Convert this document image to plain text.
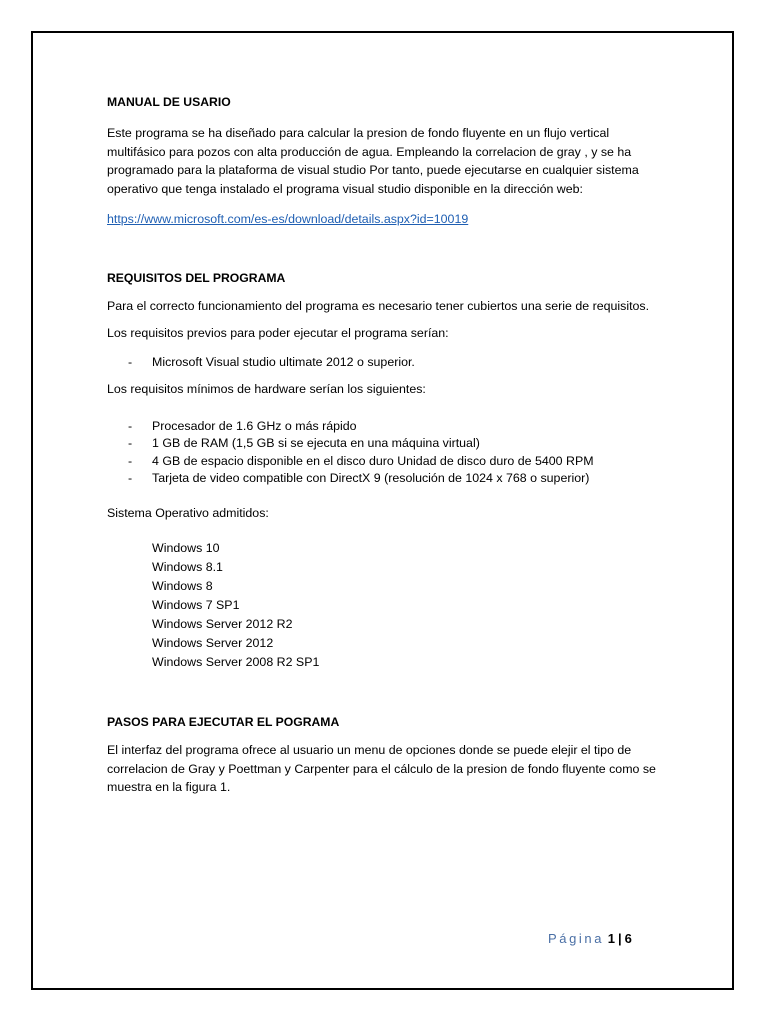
MANUAL DE USARIO

Este programa se ha diseñado para calcular la presion de fondo fluyente en un flujo vertical multifásico para pozos con alta producción de agua. Empleando la correlacion de gray , y se ha programado para la plataforma de visual studio Por tanto, puede ejecutarse en cualquier sistema operativo que tenga instalado el programa visual studio disponible en la dirección web:

https://www.microsoft.com/es-es/download/details.aspx?id=10019

REQUISITOS DEL PROGRAMA

Para el correcto funcionamiento del programa es necesario tener cubiertos una serie de requisitos.

Los requisitos previos para poder ejecutar el programa serían:

- Microsoft Visual studio ultimate 2012 o superior.

Los requisitos mínimos de hardware serían los siguientes:

- Procesador de 1.6 GHz o más rápido
- 1 GB de RAM (1,5 GB si se ejecuta en una máquina virtual)
- 4 GB de espacio disponible en el disco duro Unidad de disco duro de 5400 RPM
- Tarjeta de video compatible con DirectX 9 (resolución de 1024 x 768 o superior)

Sistema Operativo admitidos:

Windows 10
Windows 8.1
Windows 8
Windows 7 SP1
Windows Server 2012 R2
Windows Server 2012
Windows Server 2008 R2 SP1

PASOS PARA EJECUTAR EL POGRAMA

El interfaz del programa ofrece al usuario un menu de opciones donde se puede elejir el tipo de correlacion de Gray y Poettman y Carpenter para el cálculo de la presion de fondo fluyente como se muestra en la figura 1.

Página 1 | 6
